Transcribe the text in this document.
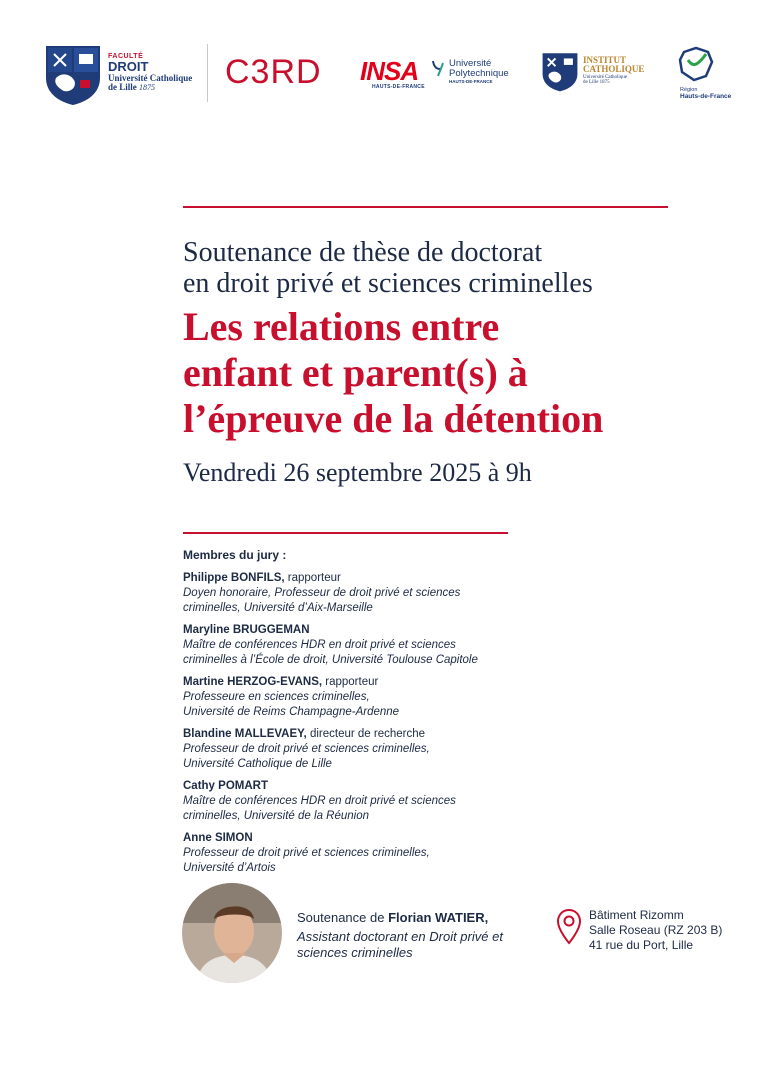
FACULTÉ
DROIT
Université Catholique
de Lille 1875	C3RD INSA
HAUTS-DE-FRANCE
Université
Polytechnique
HAUTS-DE-FRANCE
INSTITUT
CATHOLIQUE
Université Catholique
de Lille 1875
Région
Hauts-de-France
Soutenance de thèse de doctorat
en droit privé et sciences criminelles
Les relations entre
enfant et parent(s) à
l’épreuve de la détention
Vendredi 26 septembre 2025 à 9h
Membres du jury :
Philippe BONFILS, rapporteur
Doyen honoraire, Professeur de droit privé et sciences
criminelles, Université d’Aix-Marseille
Maryline BRUGGEMAN
Maître de conférences HDR en droit privé et sciences
criminelles à l’École de droit, Université Toulouse Capitole
Martine HERZOG-EVANS, rapporteur
Professeure en sciences criminelles,
Université de Reims Champagne-Ardenne
Blandine MALLEVAEY, directeur de recherche
Professeur de droit privé et sciences criminelles,
Université Catholique de Lille
Cathy POMART
Maître de conférences HDR en droit privé et sciences
criminelles, Université de la Réunion
Anne SIMON
Professeur de droit privé et sciences criminelles,
Université d’Artois
Soutenance de Florian WATIER,
Assistant doctorant en Droit privé et
sciences criminelles
Bâtiment Rizomm
Salle Roseau (RZ 203 B)
41 rue du Port, Lille
